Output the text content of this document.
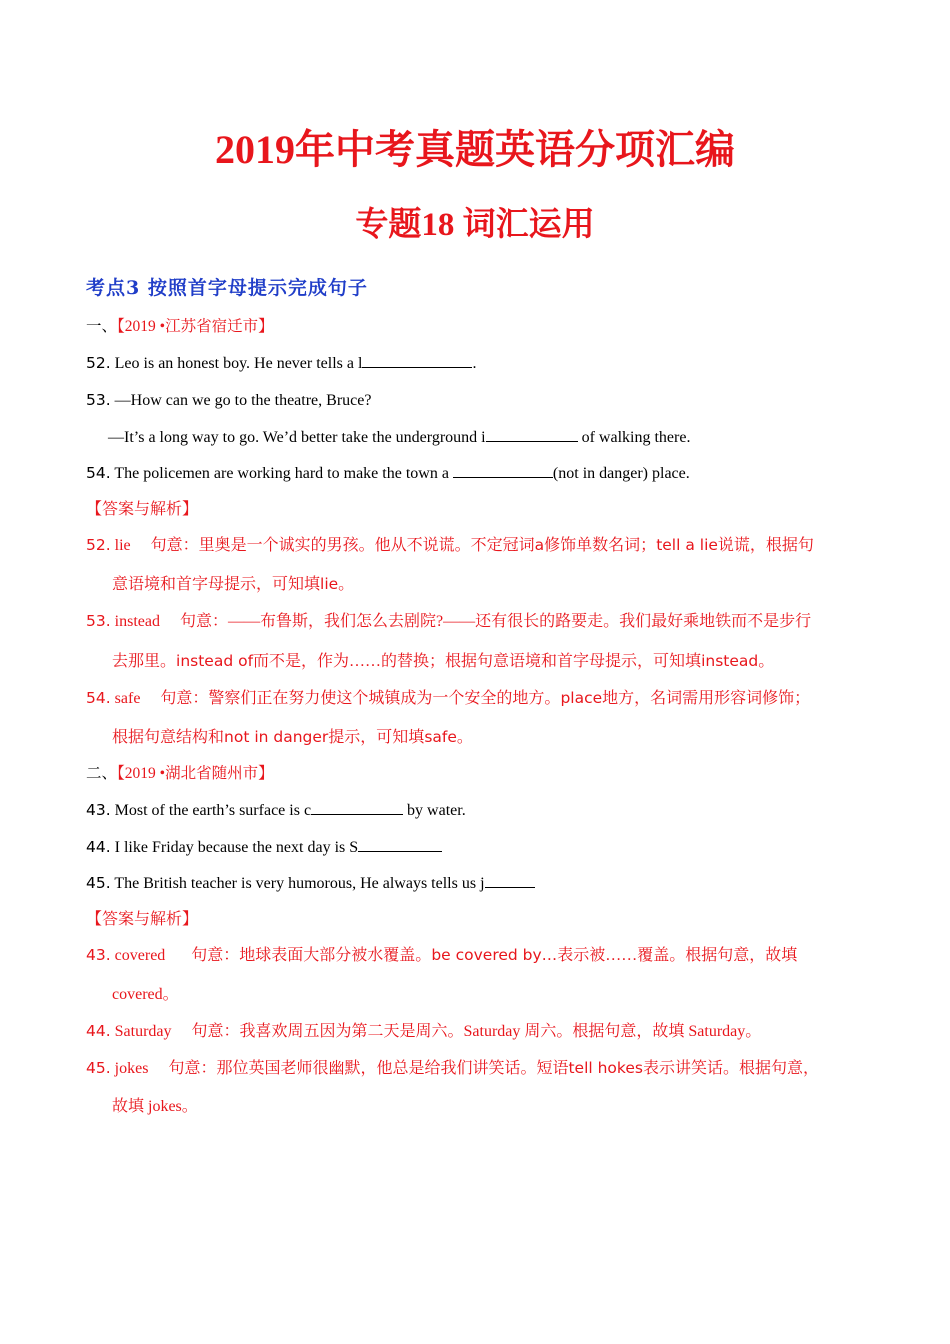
2019年中考真题英语分项汇编
专题18 词汇运用
考点3 按照首字母提示完成句子
一、【2019 •江苏省宿迁市】
52. Leo is an honest boy. He never tells a l	.
53. —How can we go to the theatre, Bruce?
—It’s a long way to go. We’d better take the underground i	of walking there.
54. The policemen are working hard to make the town a	(not in danger) place.
【答案与解析】
52. lie 句意：里奥是一个诚实的男孩。他从不说谎。不定冠词a修饰单数名词；tell a lie说谎，根据句
意语境和首字母提示，可知填lie。
53. instead 句意：——布鲁斯，我们怎么去剧院?——还有很长的路要走。我们最好乘地铁而不是步行
去那里。instead of而不是，作为……的替换；根据句意语境和首字母提示，可知填instead。
54. safe 句意：警察们正在努力使这个城镇成为一个安全的地方。place地方，名词需用形容词修饰；
根据句意结构和not in danger提示，可知填safe。
二、【2019 •湖北省随州市】
43. Most of the earth’s surface is c	by water.
44. I like Friday because the next day is S
45. The British teacher is very humorous, He always tells us j
【答案与解析】
43. covered 句意：地球表面大部分被水覆盖。be covered by…表示被……覆盖。根据句意，故填
covered。
44. Saturday 句意：我喜欢周五因为第二天是周六。Saturday 周六。根据句意，故填 Saturday。
45. jokes 句意：那位英国老师很幽默，他总是给我们讲笑话。短语tell hokes表示讲笑话。根据句意，
故填 jokes。
